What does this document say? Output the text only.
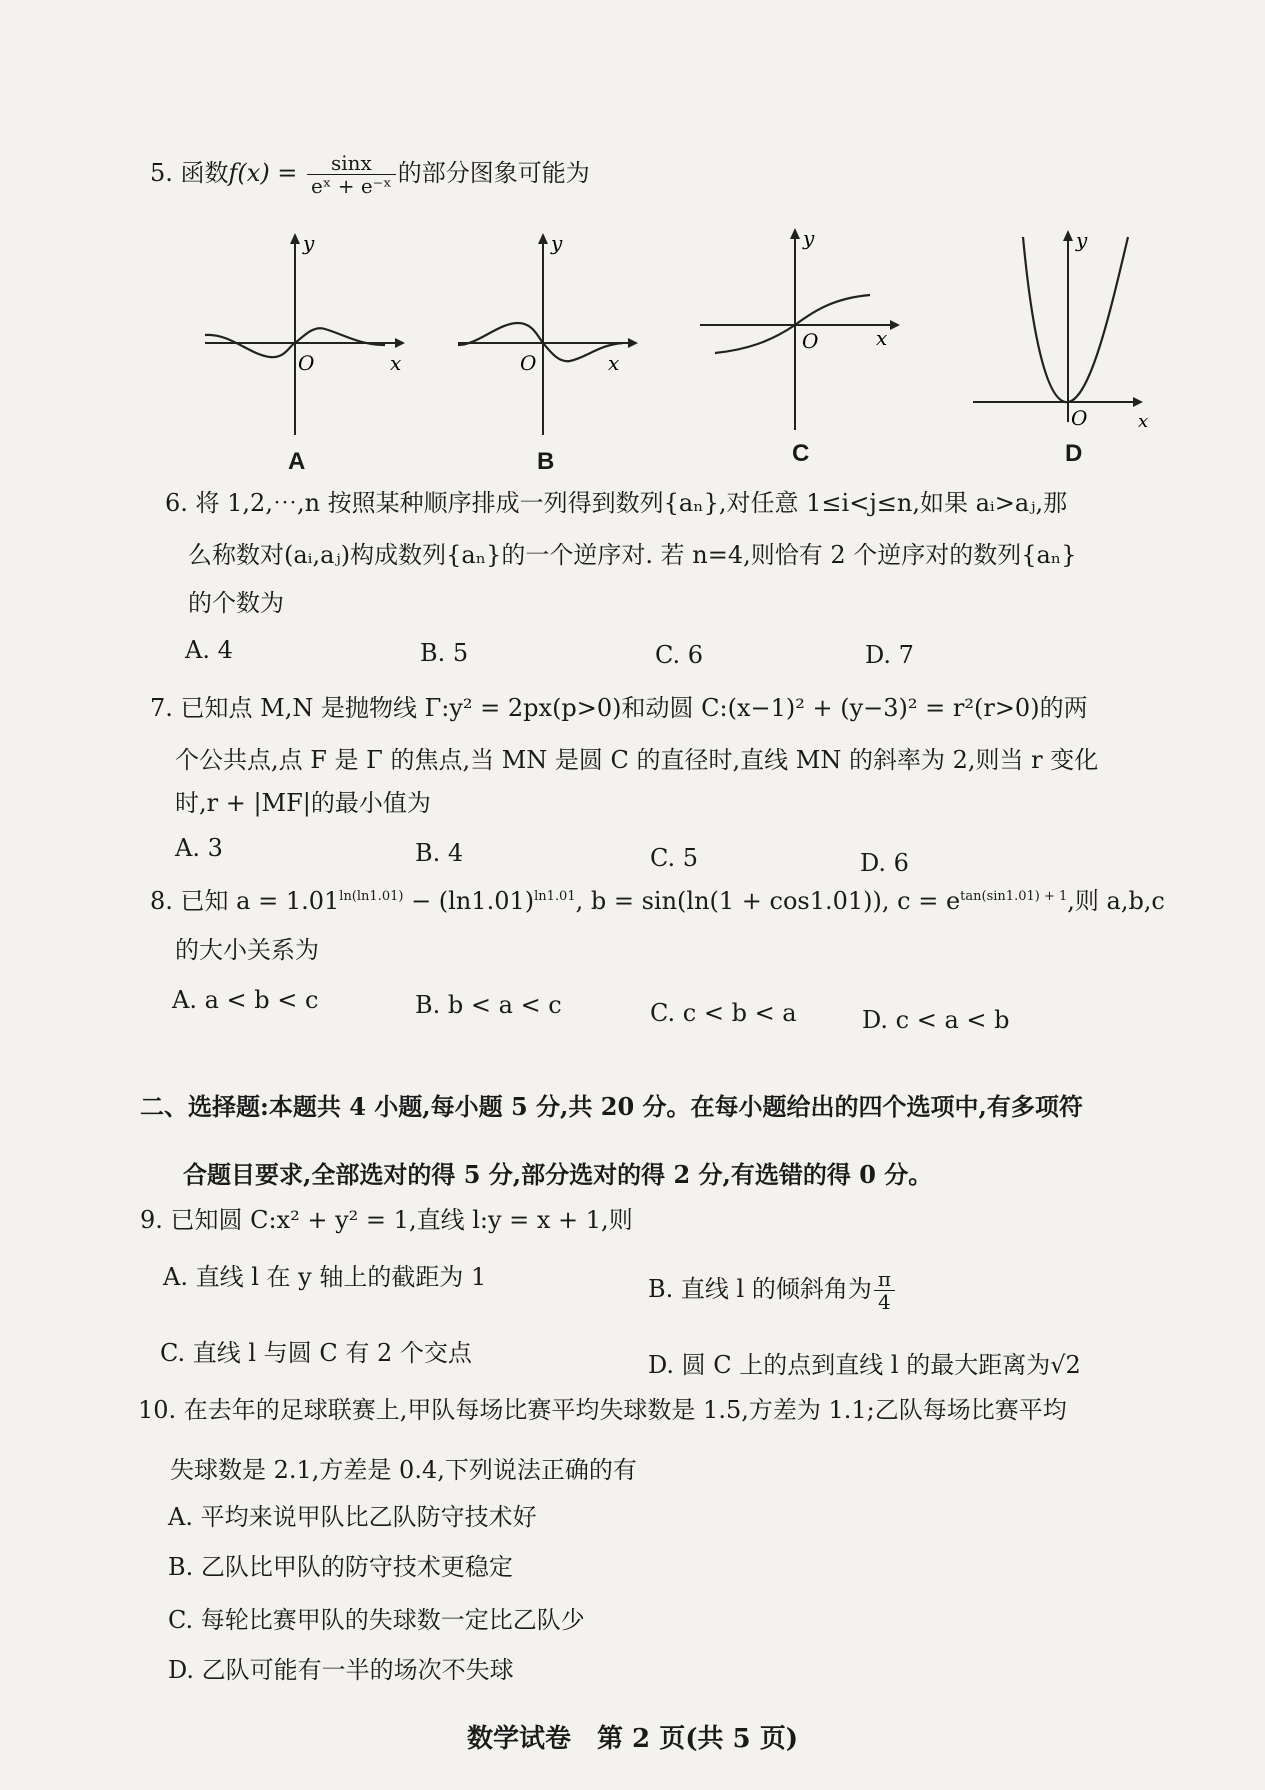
5. 函数$f(x) = \frac{\sin x}{\text{eˣ + e⁻ˣ}}$ 的部分图象可能为
y
x
O
A
y
x
O
B
y
x
O
C
y
x
O
D
6. 将 1,2,⋯,n 按照某种顺序排成一列得到数列{aₙ},对任意 1≤i<j≤n,如果 aᵢ>aⱼ,那
么称数对(aᵢ,aⱼ)构成数列{aₙ}的一个逆序对. 若 n=4,则恰有 2 个逆序对的数列{aₙ}
的个数为
A. 4	B. 5	C. 6	D. 7
7. 已知点 M,N 是抛物线 Γ:y² = 2px(p>0)和动圆 C:(x−1)² + (y−3)² = r²(r>0)的两
个公共点,点 F 是 Γ 的焦点,当 MN 是圆 C 的直径时,直线 MN 的斜率为 2,则当 r 变化
时,r + |MF|的最小值为
A. 3	B. 4	C. 5	D. 6
8. 已知 $a = 1.01^{ln(ln1.01)} - (\ln 1.01)^{ln1.01}$, b = sin(ln(1 + cos1.01)), $c = e^{tan(sin1.01) + 1}$,则 a,b,c
的大小关系为
A. a < b < c	B. b < a < c	C. c < b < a	D. c < a < b
二、选择题:本题共 4 小题,每小题 5 分,共 20 分。在每小题给出的四个选项中,有多项符
合题目要求,全部选对的得 5 分,部分选对的得 2 分,有选错的得 0 分。
9. 已知圆 C:x² + y² = 1,直线 l:y = x + 1,则
A. 直线 l 在 y 轴上的截距为 1	B. 直线 l 的倾斜角为 $\frac{\pi}{4}$
C. 直线 l 与圆 C 有 2 个交点	D. 圆 C 上的点到直线 l 的最大距离为√2
10. 在去年的足球联赛上,甲队每场比赛平均失球数是 1.5,方差为 1.1;乙队每场比赛平均
失球数是 2.1,方差是 0.4,下列说法正确的有
A. 平均来说甲队比乙队防守技术好
B. 乙队比甲队的防守技术更稳定
C. 每轮比赛甲队的失球数一定比乙队少
D. 乙队可能有一半的场次不失球
数学试卷　第 2 页(共 5 页)
